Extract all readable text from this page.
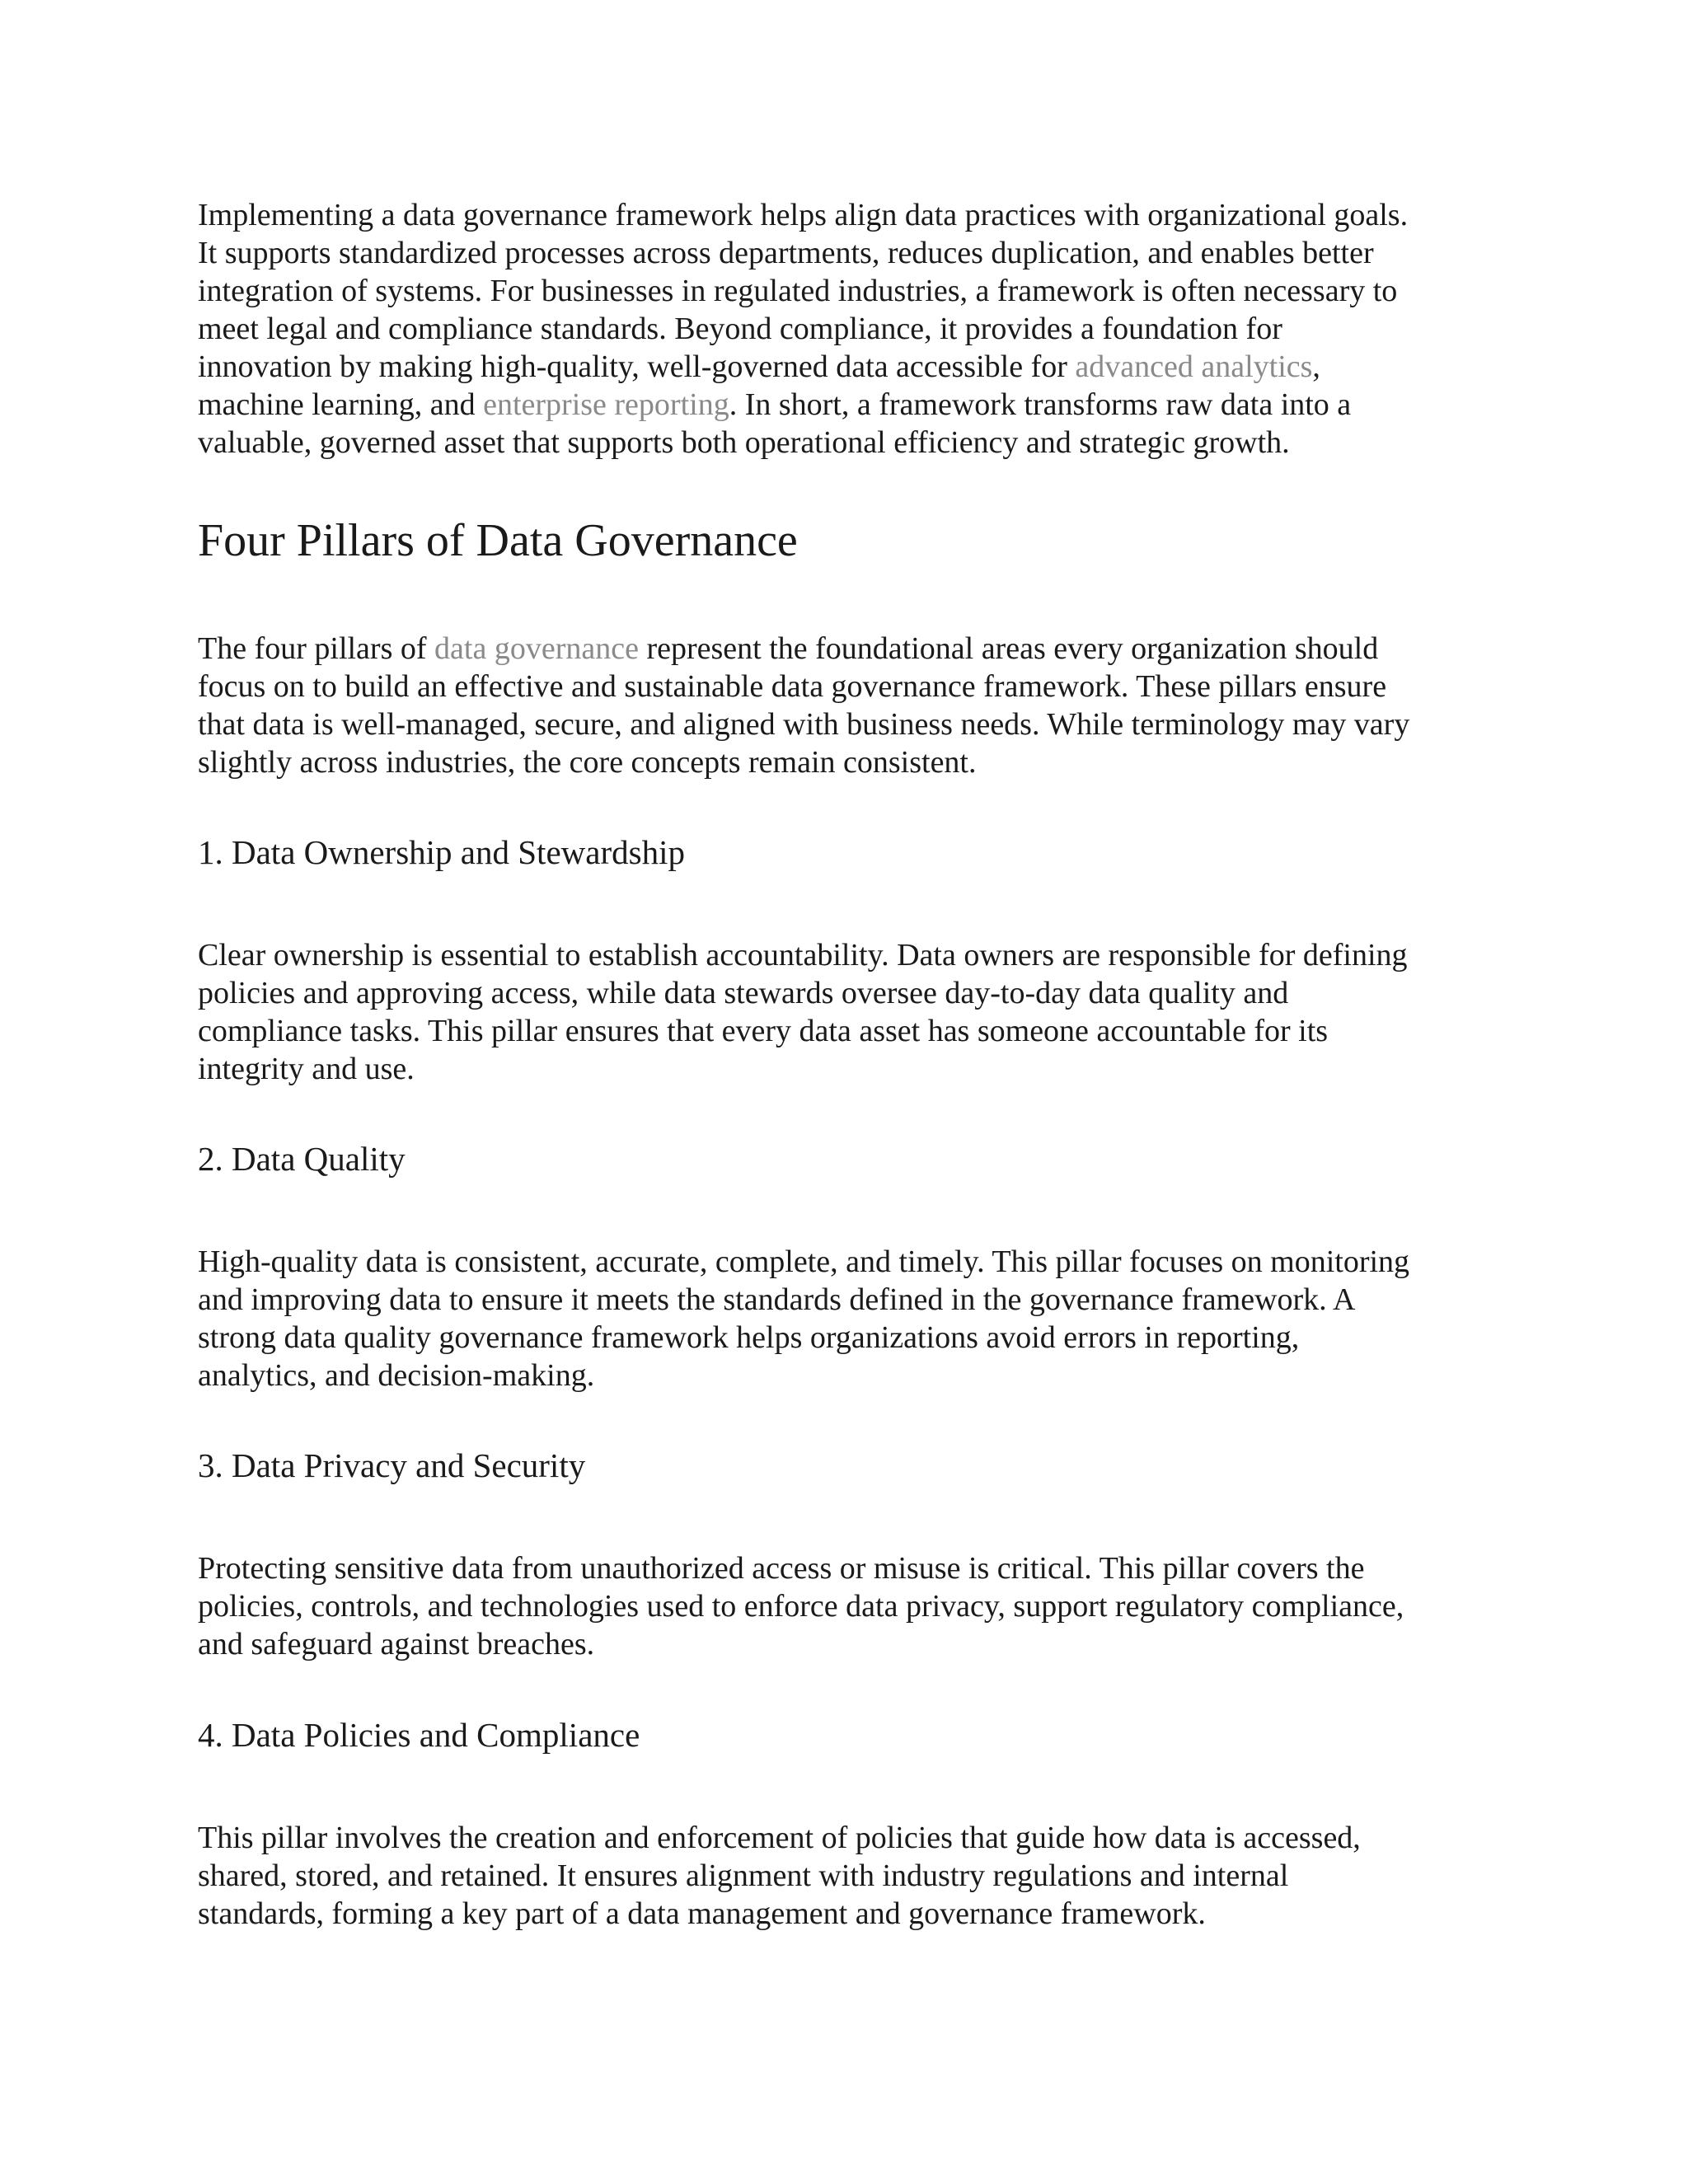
Implementing a data governance framework helps align data practices with organizational goals.
It supports standardized processes across departments, reduces duplication, and enables better
integration of systems. For businesses in regulated industries, a framework is often necessary to
meet legal and compliance standards. Beyond compliance, it provides a foundation for
innovation by making high-quality, well-governed data accessible for advanced analytics,
machine learning, and enterprise reporting. In short, a framework transforms raw data into a
valuable, governed asset that supports both operational efficiency and strategic growth.

Four Pillars of Data Governance

The four pillars of data governance represent the foundational areas every organization should
focus on to build an effective and sustainable data governance framework. These pillars ensure
that data is well-managed, secure, and aligned with business needs. While terminology may vary
slightly across industries, the core concepts remain consistent.

1. Data Ownership and Stewardship

Clear ownership is essential to establish accountability. Data owners are responsible for defining
policies and approving access, while data stewards oversee day-to-day data quality and
compliance tasks. This pillar ensures that every data asset has someone accountable for its
integrity and use.

2. Data Quality

High-quality data is consistent, accurate, complete, and timely. This pillar focuses on monitoring
and improving data to ensure it meets the standards defined in the governance framework. A
strong data quality governance framework helps organizations avoid errors in reporting,
analytics, and decision-making.

3. Data Privacy and Security

Protecting sensitive data from unauthorized access or misuse is critical. This pillar covers the
policies, controls, and technologies used to enforce data privacy, support regulatory compliance,
and safeguard against breaches.

4. Data Policies and Compliance

This pillar involves the creation and enforcement of policies that guide how data is accessed,
shared, stored, and retained. It ensures alignment with industry regulations and internal
standards, forming a key part of a data management and governance framework.
